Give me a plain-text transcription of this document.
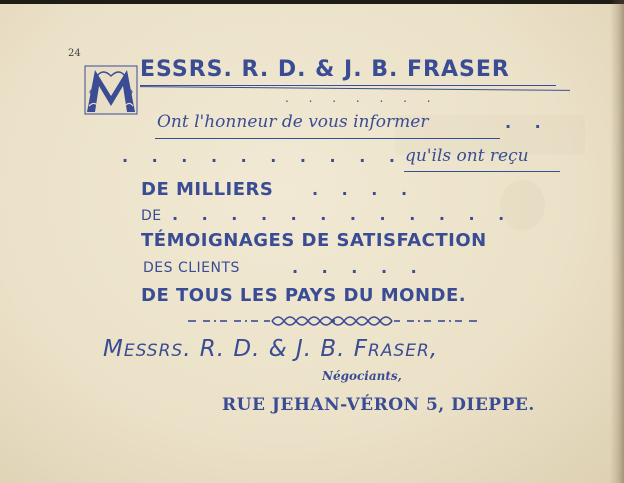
24
ESSRS. R. D. & J. B. FRASER
. . . . . . .
Ont l'honneur de vous informer	. .
. . . . . . . . . . qu'ils ont reçu
DE MILLIERS . . . .
DE . . . . . . . . . . . .
TÉMOIGNAGES DE SATISFACTION
DES CLIENTS	. . . . .
DE TOUS LES PAYS DU MONDE.
MESSRS. R. D. & J. B. FRASER,
Négociants,
RUE JEHAN-VÉRON 5, DIEPPE.
